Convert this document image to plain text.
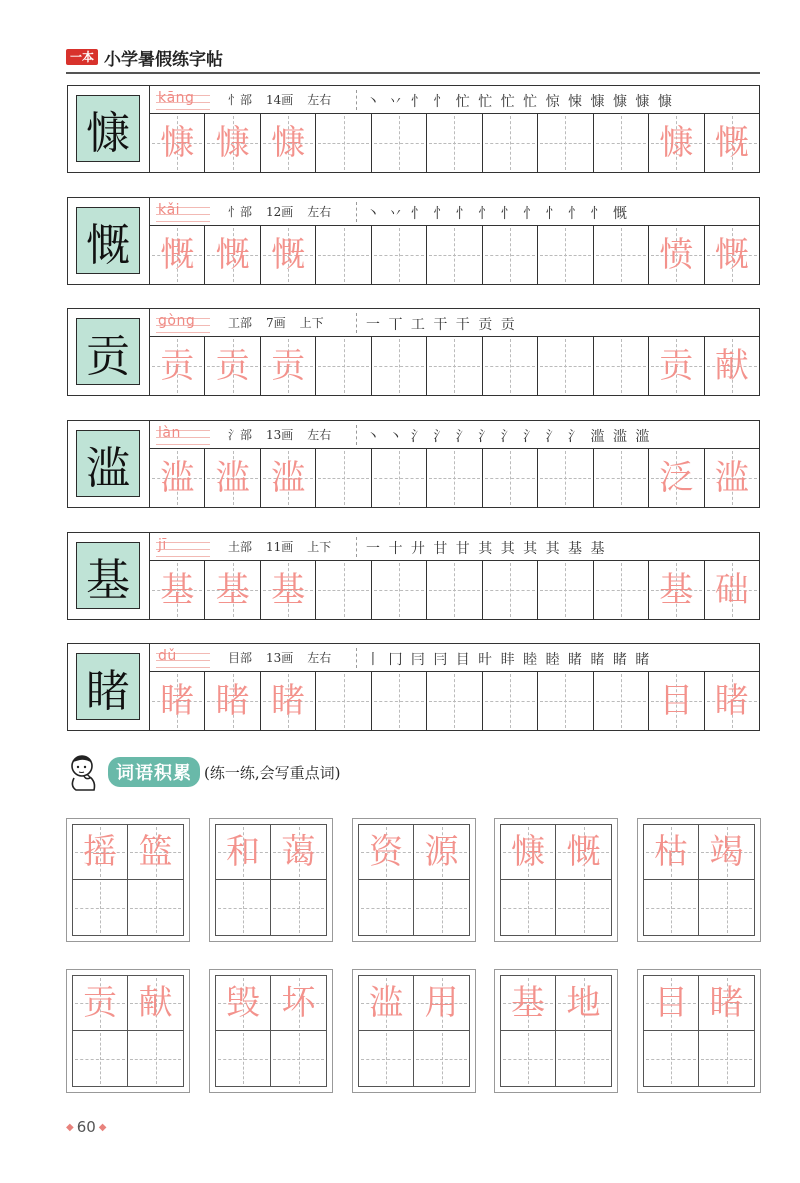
一本 小学暑假练字帖
慷
kāng	忄部 14画 左右 丶 丷 忄 忄 忙 忙 忙 忙 惊 悚 慷 慷 慷 慷
慷 慷 慷	慷 慨
慨
kǎi	忄部 12画 左右 丶 丷 忄 忄 忄 忄 忄 忄 忄 忄 忄 慨
慨 慨 慨	愤 慨
贡
gòng	工部 7画 上下	一 丅 工 干 干 贡 贡
贡 贡 贡	贡 献
滥
làn	氵部 13画 左右 丶 丶 氵 氵 氵 氵 氵 氵 氵 氵 滥 滥 滥
滥 滥 滥	泛 滥
基
jī	土部 11画 上下 一 十 廾 甘 甘 其 其 其 其 基 基
基 基 基	基 础
睹
dǔ	目部 13画 左右 丨 冂 冃 冃 目 旪 盽 睦 睦 睹 睹 睹 睹
睹 睹 睹	目 睹
词语积累 (练一练,会写重点词)
摇 篮 和 蔼 资 源 慷 慨 枯 竭
贡 献 毁 坏 滥 用 基 地 目 睹
◆ 60 ◆
